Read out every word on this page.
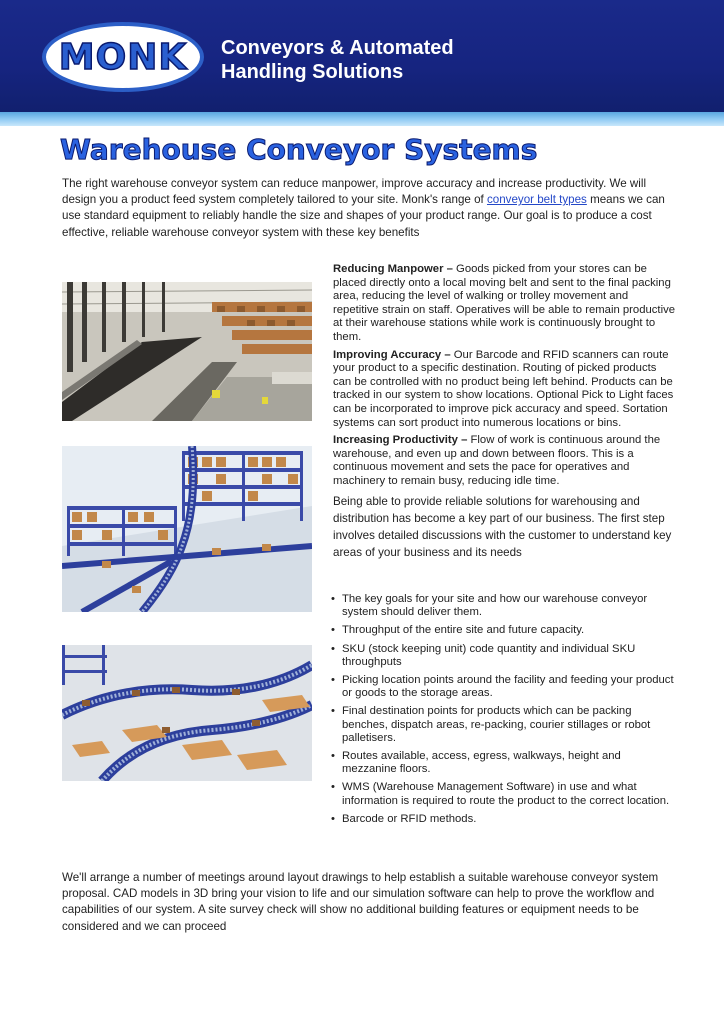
MONK Conveyors & Automated
Handling Solutions
Warehouse Conveyor Systems
The right warehouse conveyor system can reduce manpower, improve accuracy and increase productivity. We will design you a product feed system completely tailored to your site. Monk's range of conveyor belt types means we can use standard equipment to reliably handle the size and shapes of your product range. Our goal is to produce a cost effective, reliable warehouse conveyor system with these key benefits

Reducing Manpower – Goods picked from your stores can be placed directly onto a local moving belt and sent to the final packing area, reducing the level of walking or trolley movement and repetitive strain on staff. Operatives will be able to remain productive at their warehouse stations while work is continuously brought to them.

Improving Accuracy – Our Barcode and RFID scanners can route your product to a specific destination. Routing of picked products can be controlled with no product being left behind. Products can be tracked in our system to show locations. Optional Pick to Light faces can be incorporated to improve pick accuracy and speed. Sortation systems can sort product into numerous locations or bins.

Increasing Productivity – Flow of work is continuous around the warehouse, and even up and down between floors. This is a continuous movement and sets the pace for operatives and machinery to remain busy, reducing idle time.

Being able to provide reliable solutions for warehousing and distribution has become a key part of our business. The first step involves detailed discussions with the customer to understand key areas of your business and its needs

• The key goals for your site and how our warehouse conveyor system should deliver them.
• Throughput of the entire site and future capacity.
• SKU (stock keeping unit) code quantity and individual SKU throughputs
• Picking location points around the facility and feeding your product or goods to the storage areas.
• Final destination points for products which can be packing benches, dispatch areas, re-packing, courier stillages or robot palletisers.
• Routes available, access, egress, walkways, height and mezzanine floors.
• WMS (Warehouse Management Software) in use and what information is required to route the product to the correct location.
• Barcode or RFID methods.
We'll arrange a number of meetings around layout drawings to help establish a suitable warehouse conveyor system proposal. CAD models in 3D bring your vision to life and our simulation software can help to prove the workflow and capabilities of our system. A site survey check will show no additional building features or equipment needs to be considered and we can proceed
